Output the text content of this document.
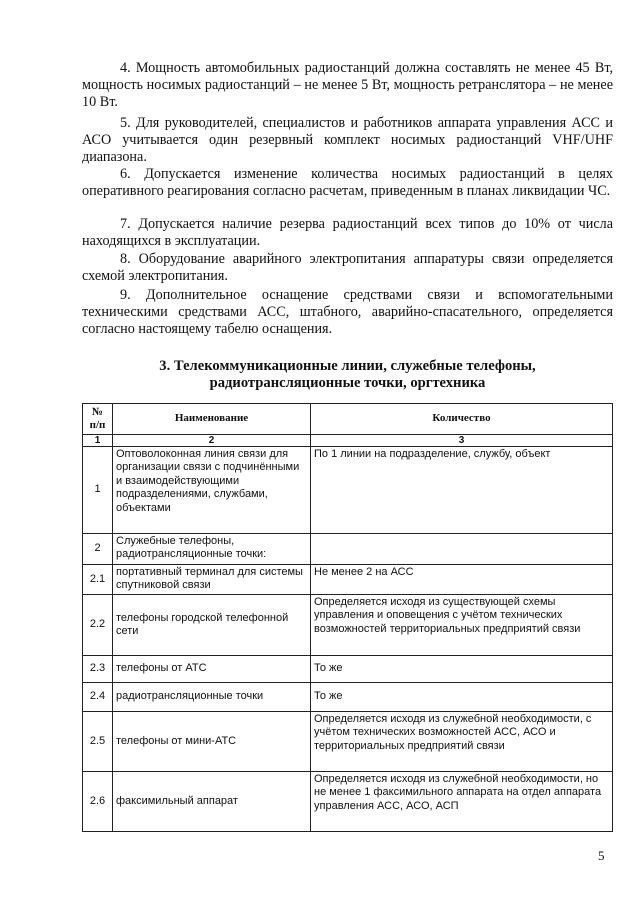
4. Мощность автомобильных радиостанций должна составлять не менее 45 Вт, мощность носимых радиостанций – не менее 5 Вт, мощность ретранслятора – не менее 10 Вт.

5. Для руководителей, специалистов и работников аппарата управления АСС и АСО учитывается один резервный комплект носимых радиостанций VHF/UHF диапазона.

6. Допускается изменение количества носимых радиостанций в целях оперативного реагирования согласно расчетам, приведенным в планах ликвидации ЧС.

7. Допускается наличие резерва радиостанций всех типов до 10% от числа находящихся в эксплуатации.

8. Оборудование аварийного электропитания аппаратуры связи определяется схемой электропитания.

9. Дополнительное оснащение средствами связи и вспомогательными техническими средствами АСС, штабного, аварийно-спасательного, определяется согласно настоящему табелю оснащения.

3. Телекоммуникационные линии, служебные телефоны,
радиотрансляционные точки, оргтехника
№ п/п	Наименование	Количество
1	2	3
1	Оптоволоконная линия связи для организации связи с подчинёнными и взаимодействующими подразделениями, службами, объектами	По 1 линии на подразделение, службу, объект
2	Служебные телефоны, радиотрансляционные точки:	
2.1	портативный терминал для системы спутниковой связи	Не менее 2 на АСС
2.2	телефоны городской телефонной сети	Определяется исходя из существующей схемы управления и оповещения с учётом технических возможностей территориальных предприятий связи
2.3	телефоны от АТС	То же
2.4	радиотрансляционные точки	То же
2.5	телефоны от мини-АТС	Определяется исходя из служебной необходимости, с учётом технических возможностей АСС, АСО и территориальных предприятий связи
2.6	факсимильный аппарат	Определяется исходя из служебной необходимости, но не менее 1 факсимильного аппарата на отдел аппарата управления АСС, АСО, АСП
5
